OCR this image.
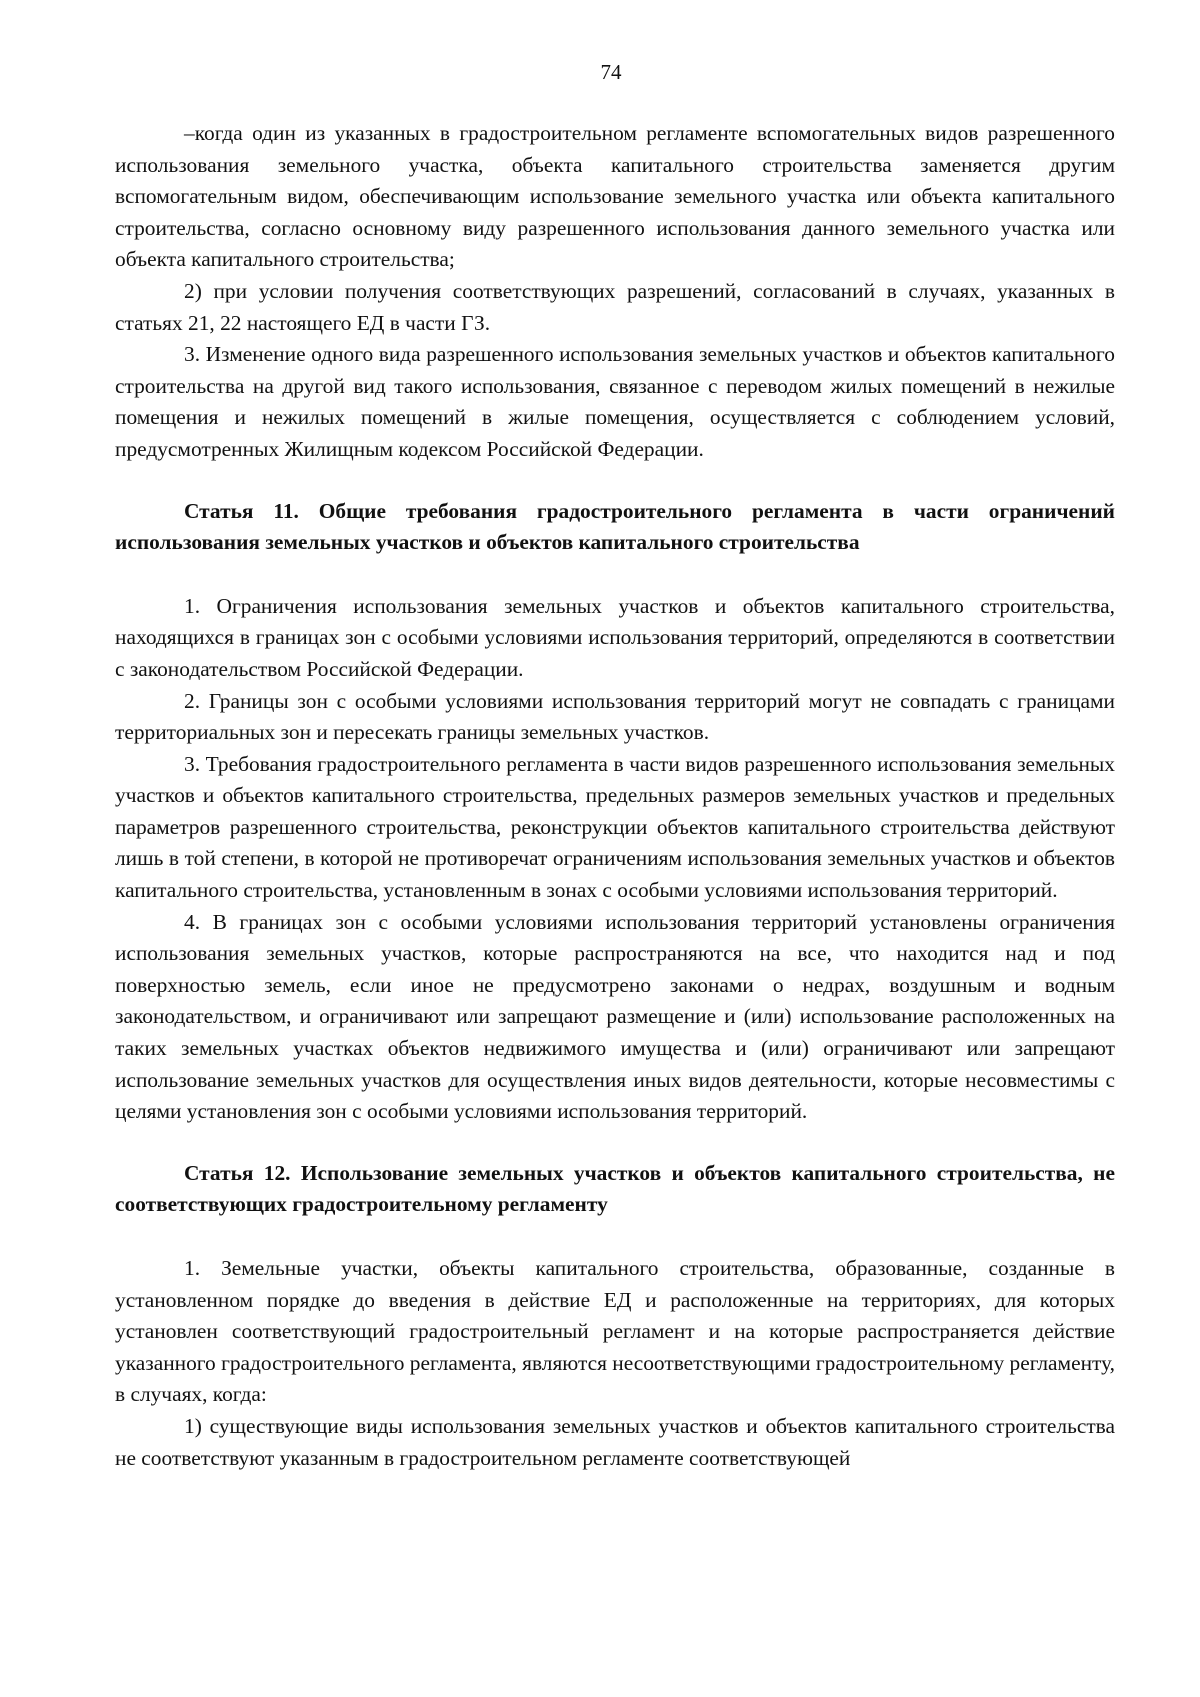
74

–когда один из указанных в градостроительном регламенте вспомогательных видов разрешенного использования земельного участка, объекта капитального строительства заменяется другим вспомогательным видом, обеспечивающим использование земельного участка или объекта капитального строительства, согласно основному виду разрешенного использования данного земельного участка или объекта капитального строительства;

2) при условии получения соответствующих разрешений, согласований в случаях, указанных в статьях 21, 22 настоящего ЕД в части ГЗ.

3. Изменение одного вида разрешенного использования земельных участков и объектов капитального строительства на другой вид такого использования, связанное с переводом жилых помещений в нежилые помещения и нежилых помещений в жилые помещения, осуществляется с соблюдением условий, предусмотренных Жилищным кодексом Российской Федерации.

Статья 11. Общие требования градостроительного регламента в части ограничений использования земельных участков и объектов капитального строительства

1. Ограничения использования земельных участков и объектов капитального строительства, находящихся в границах зон с особыми условиями использования территорий, определяются в соответствии с законодательством Российской Федерации.

2. Границы зон с особыми условиями использования территорий могут не совпадать с границами территориальных зон и пересекать границы земельных участков.

3. Требования градостроительного регламента в части видов разрешенного использования земельных участков и объектов капитального строительства, предельных размеров земельных участков и предельных параметров разрешенного строительства, реконструкции объектов капитального строительства действуют лишь в той степени, в которой не противоречат ограничениям использования земельных участков и объектов капитального строительства, установленным в зонах с особыми условиями использования территорий.

4. В границах зон с особыми условиями использования территорий установлены ограничения использования земельных участков, которые распространяются на все, что находится над и под поверхностью земель, если иное не предусмотрено законами о недрах, воздушным и водным законодательством, и ограничивают или запрещают размещение и (или) использование расположенных на таких земельных участках объектов недвижимого имущества и (или) ограничивают или запрещают использование земельных участков для осуществления иных видов деятельности, которые несовместимы с целями установления зон с особыми условиями использования территорий.

Статья 12. Использование земельных участков и объектов капитального строительства, не соответствующих градостроительному регламенту

1. Земельные участки, объекты капитального строительства, образованные, созданные в установленном порядке до введения в действие ЕД и расположенные на территориях, для которых установлен соответствующий градостроительный регламент и на которые распространяется действие указанного градостроительного регламента, являются несоответствующими градостроительному регламенту, в случаях, когда:

1) существующие виды использования земельных участков и объектов капитального строительства не соответствуют указанным в градостроительном регламенте соответствующей
